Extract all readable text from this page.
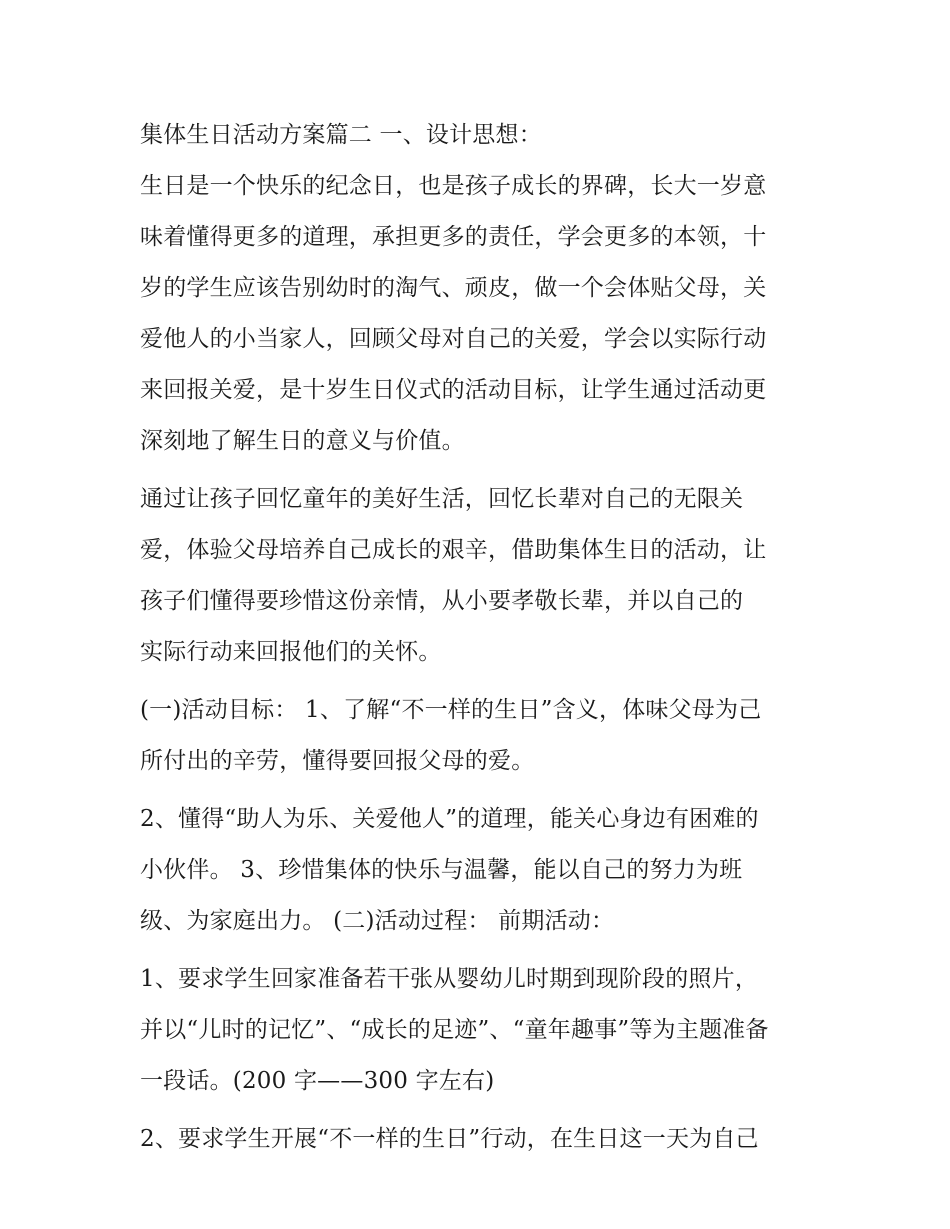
集体生日活动方案篇二 一、设计思想：
生日是一个快乐的纪念日，也是孩子成长的界碑，长大一岁意
味着懂得更多的道理，承担更多的责任，学会更多的本领，十
岁的学生应该告别幼时的淘气、顽皮，做一个会体贴父母，关
爱他人的小当家人，回顾父母对自己的关爱，学会以实际行动
来回报关爱，是十岁生日仪式的活动目标，让学生通过活动更
深刻地了解生日的意义与价值。
通过让孩子回忆童年的美好生活，回忆长辈对自己的无限关
爱，体验父母培养自己成长的艰辛，借助集体生日的活动，让
孩子们懂得要珍惜这份亲情，从小要孝敬长辈，并以自己的
实际行动来回报他们的关怀。
(一)活动目标： 1、了解“不一样的生日”含义，体味父母为己
所付出的辛劳，懂得要回报父母的爱。
2、懂得“助人为乐、关爱他人”的道理，能关心身边有困难的
小伙伴。 3、珍惜集体的快乐与温馨，能以自己的努力为班
级、为家庭出力。 (二)活动过程： 前期活动：
1、要求学生回家准备若干张从婴幼儿时期到现阶段的照片，
并以“儿时的记忆”、“成长的足迹”、“童年趣事”等为主题准备
一段话。(200 字——300 字左右)
2、要求学生开展“不一样的生日”行动，在生日这一天为自己
